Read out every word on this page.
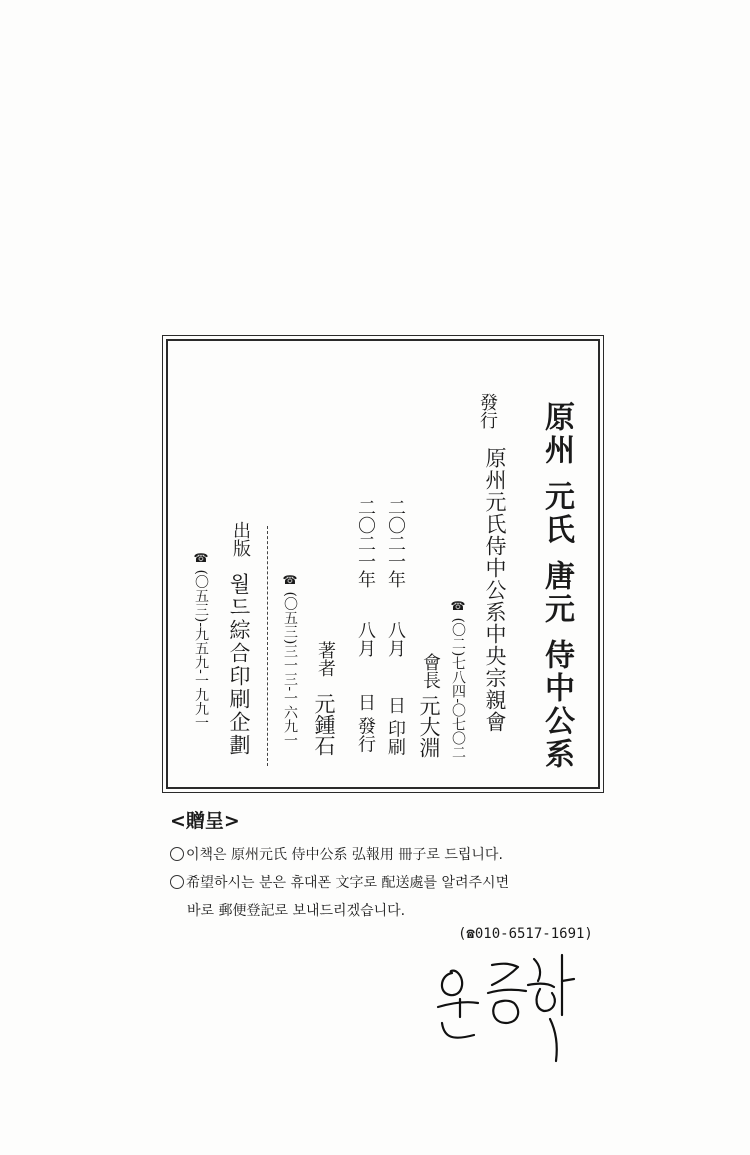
原州 元氏 唐元 侍中公系
發行
原州元氏侍中公系中央宗親會
☎ (〇二)七八四-〇七〇二
會長
元大淵
二〇二一年
八月
日 印刷
二〇二一年
八月
日 發行
著者
元鍾石
☎ (〇五三)三一三-一六九一
出版
월드綜合印刷企劃
☎ (〇五三)-九五九-一九九一
<贈呈>
이책은 原州元氏 侍中公系 弘報用 冊子로 드립니다.
希望하시는 분은 휴대폰 文字로 配送處를 알려주시면
바로 郵便登記로 보내드리겠습니다.
(☎010-6517-1691)
